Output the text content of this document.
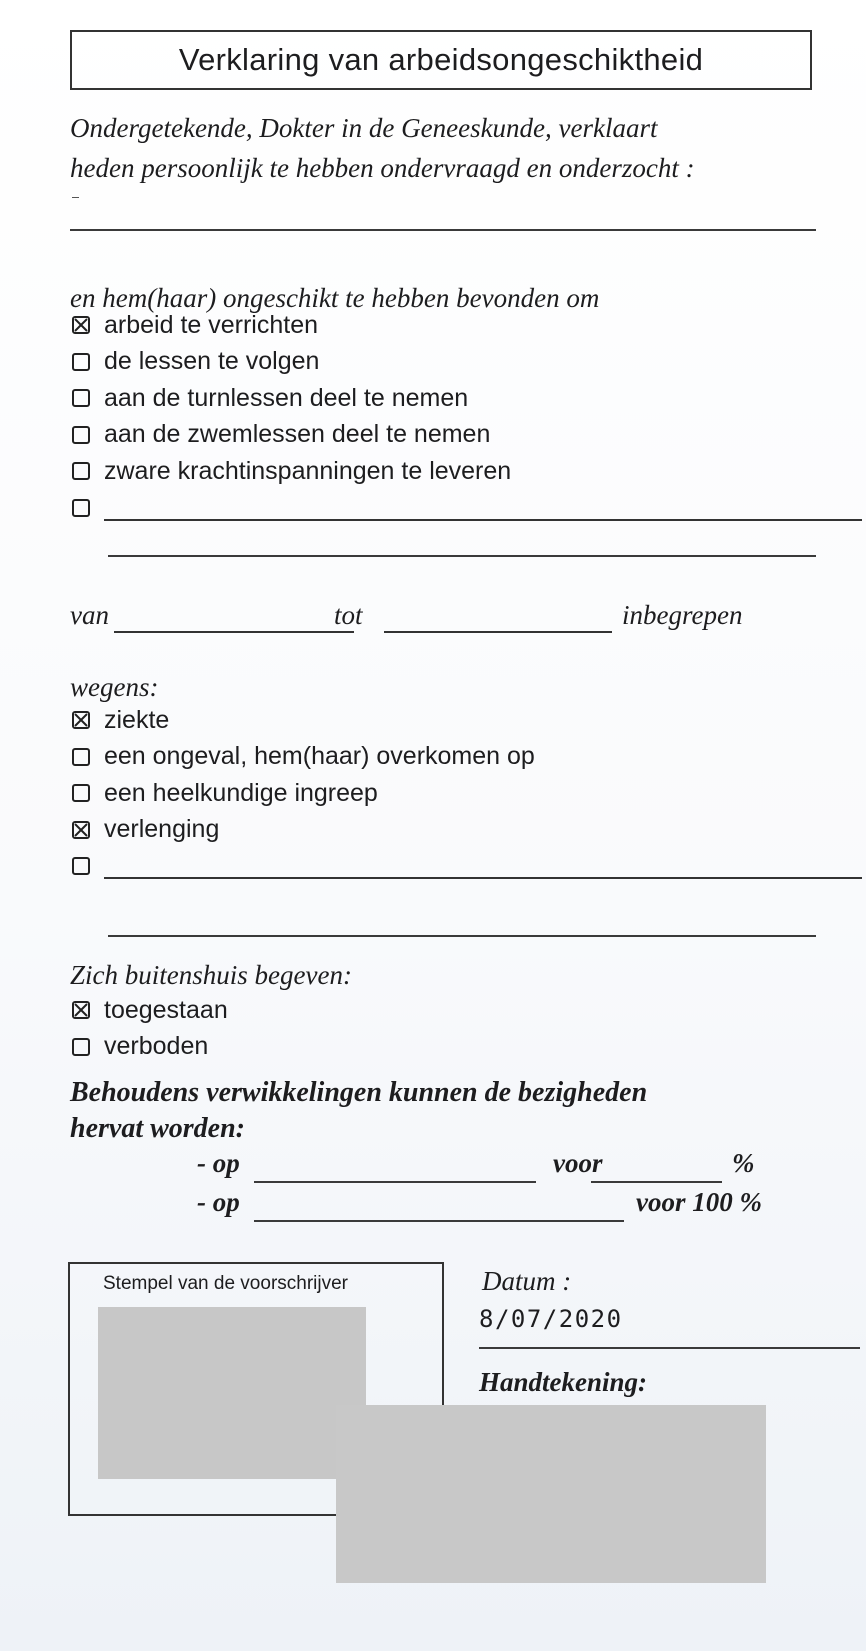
Verklaring van arbeidsongeschiktheid
Ondergetekende, Dokter in de Geneeskunde, verklaart
heden persoonlijk te hebben ondervraagd en onderzocht :
en hem(haar) ongeschikt te hebben bevonden om
arbeid te verrichten
de lessen te volgen
aan de turnlessen deel te nemen
aan de zwemlessen deel te nemen
zware krachtinspanningen te leveren
van	tot	inbegrepen
wegens:
ziekte
een ongeval, hem(haar) overkomen op
een heelkundige ingreep
verlenging
Zich buitenshuis begeven:
toegestaan
verboden
Behoudens verwikkelingen kunnen de bezigheden
hervat worden:
- op	voor	%
- op	voor 100 %
Stempel van de voorschrijver	Datum :
8/07/2020
Handtekening:
